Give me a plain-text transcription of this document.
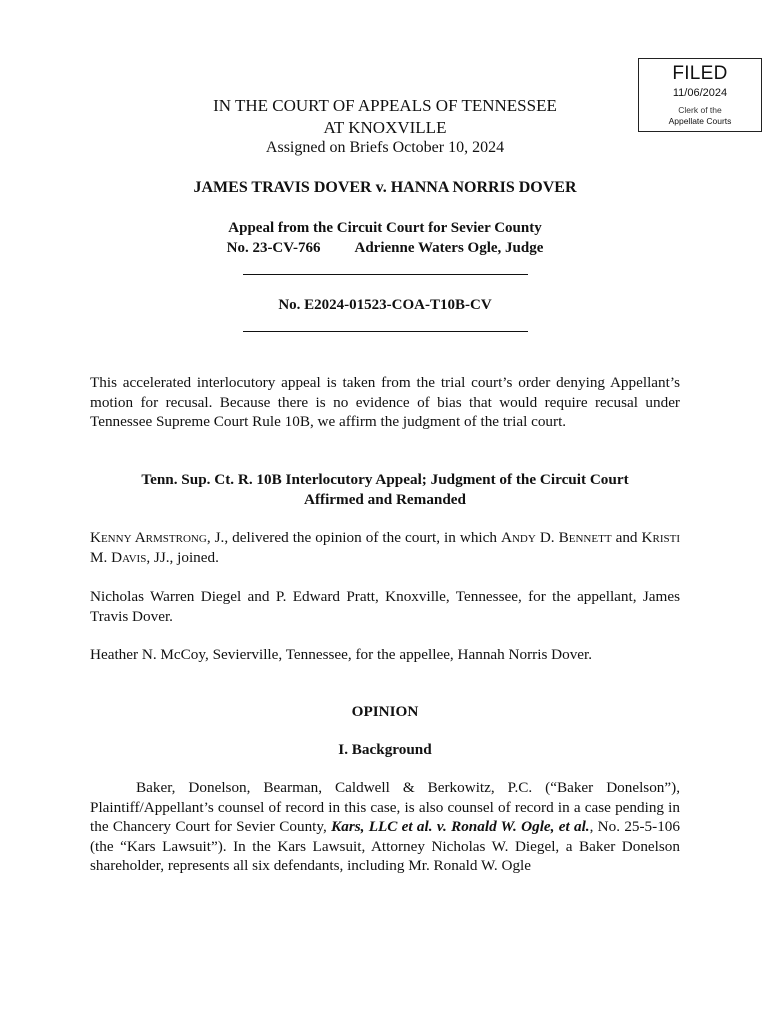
FILED
11/06/2024
Clerk of the
Appellate Courts
IN THE COURT OF APPEALS OF TENNESSEE
AT KNOXVILLE
Assigned on Briefs October 10, 2024
JAMES TRAVIS DOVER v. HANNA NORRIS DOVER
Appeal from the Circuit Court for Sevier County
No. 23-CV-766 Adrienne Waters Ogle, Judge
No. E2024-01523-COA-T10B-CV
This accelerated interlocutory appeal is taken from the trial court’s order denying Appellant’s motion for recusal. Because there is no evidence of bias that would require recusal under Tennessee Supreme Court Rule 10B, we affirm the judgment of the trial court.
Tenn. Sup. Ct. R. 10B Interlocutory Appeal; Judgment of the Circuit Court
Affirmed and Remanded
Kenny Armstrong, J., delivered the opinion of the court, in which Andy D. Bennett and Kristi M. Davis, JJ., joined.
Nicholas Warren Diegel and P. Edward Pratt, Knoxville, Tennessee, for the appellant, James Travis Dover.
Heather N. McCoy, Sevierville, Tennessee, for the appellee, Hannah Norris Dover.
OPINION
I. Background
Baker, Donelson, Bearman, Caldwell & Berkowitz, P.C. (“Baker Donelson”), Plaintiff/Appellant’s counsel of record in this case, is also counsel of record in a case pending in the Chancery Court for Sevier County, Kars, LLC et al. v. Ronald W. Ogle, et al., No. 25-5-106 (the “Kars Lawsuit”). In the Kars Lawsuit, Attorney Nicholas W. Diegel, a Baker Donelson shareholder, represents all six defendants, including Mr. Ronald W. Ogle
